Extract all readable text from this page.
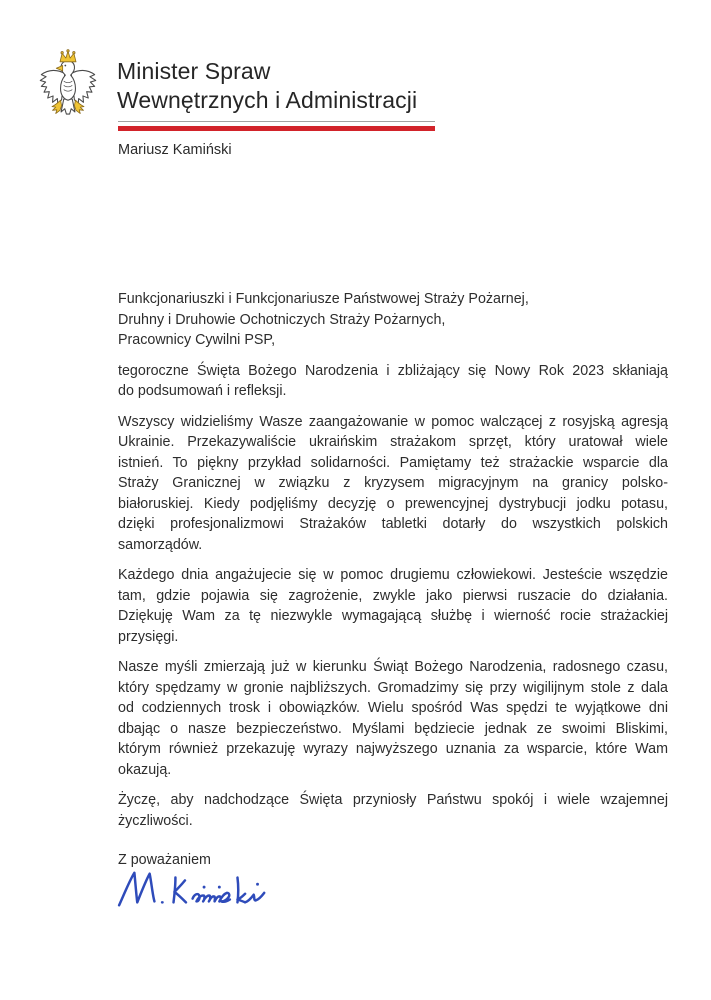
Minister Spraw
Wewnętrznych i Administracji
Mariusz Kamiński
Funkcjonariuszki i Funkcjonariusze Państwowej Straży Pożarnej,
Druhny i Druhowie Ochotniczych Straży Pożarnych,
Pracownicy Cywilni PSP,
tegoroczne Święta Bożego Narodzenia i zbliżający się Nowy Rok 2023 skłaniają
do podsumowań i refleksji.
Wszyscy widzieliśmy Wasze zaangażowanie w pomoc walczącej z rosyjską agresją
Ukrainie. Przekazywaliście ukraińskim strażakom sprzęt, który uratował wiele
istnień. To piękny przykład solidarności. Pamiętamy też strażackie wsparcie dla
Straży Granicznej w związku z kryzysem migracyjnym na granicy polsko-
białoruskiej. Kiedy podjęliśmy decyzję o prewencyjnej dystrybucji jodku potasu,
dzięki profesjonalizmowi Strażaków tabletki dotarły do wszystkich polskich
samorządów.
Każdego dnia angażujecie się w pomoc drugiemu człowiekowi. Jesteście wszędzie
tam, gdzie pojawia się zagrożenie, zwykle jako pierwsi ruszacie do działania.
Dziękuję Wam za tę niezwykle wymagającą służbę i wierność rocie strażackiej
przysięgi.
Nasze myśli zmierzają już w kierunku Świąt Bożego Narodzenia, radosnego czasu,
który spędzamy w gronie najbliższych. Gromadzimy się przy wigilijnym stole z dala
od codziennych trosk i obowiązków. Wielu spośród Was spędzi te wyjątkowe dni
dbając o nasze bezpieczeństwo. Myślami będziecie jednak ze swoimi Bliskimi,
którym również przekazuję wyrazy najwyższego uznania za wsparcie, które Wam
okazują.
Życzę, aby nadchodzące Święta przyniosły Państwu spokój i wiele wzajemnej
życzliwości.
Z poważaniem
